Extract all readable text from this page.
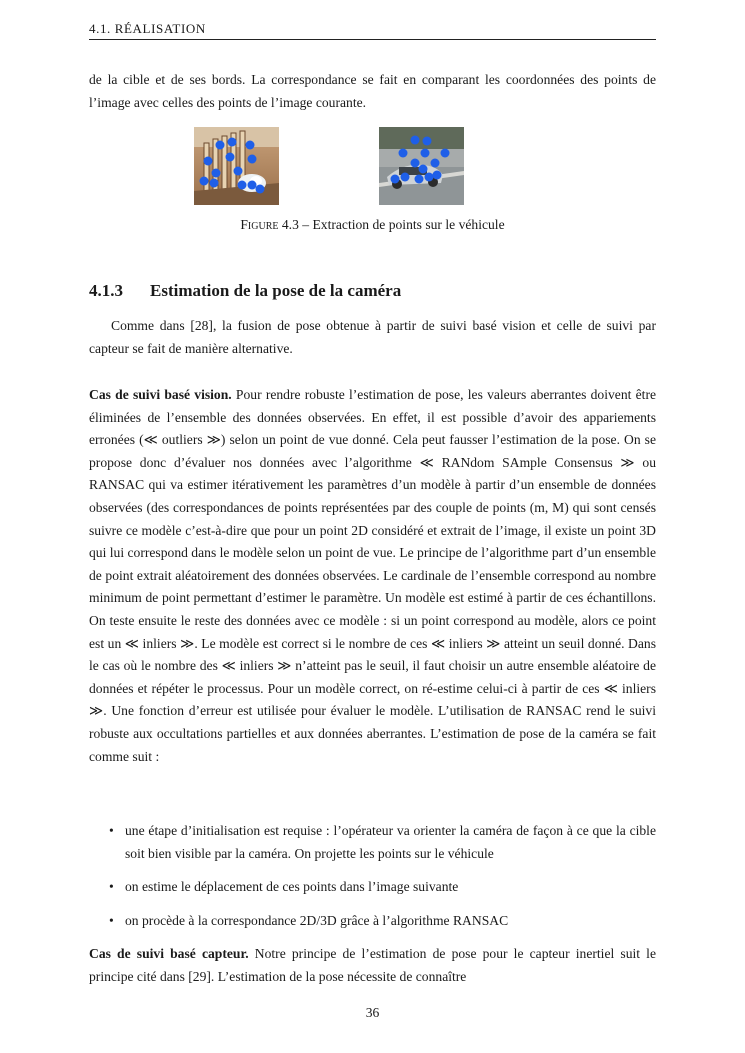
4.1. RÉALISATION

de la cible et de ses bords. La correspondance se fait en comparant les coordonnées des points de l’image avec celles des points de l’image courante.

Figure 4.3 – Extraction de points sur le véhicule
4.1.3 Estimation de la pose de la caméra

Comme dans [28], la fusion de pose obtenue à partir de suivi basé vision et celle de suivi par capteur se fait de manière alternative.

Cas de suivi basé vision. Pour rendre robuste l’estimation de pose, les valeurs aberrantes doivent être éliminées de l’ensemble des données observées. En effet, il est possible d’avoir des appariements erronées (≪ outliers ≫) selon un point de vue donné. Cela peut fausser l’estimation de la pose. On se propose donc d’évaluer nos données avec l’algorithme ≪ RANdom SAmple Consensus ≫ ou RANSAC qui va estimer itérativement les paramètres d’un modèle à partir d’un ensemble de données observées (des correspondances de points représentées par des couple de points (m, M) qui sont censés suivre ce modèle c’est-à-dire que pour un point 2D considéré et extrait de l’image, il existe un point 3D qui lui correspond dans le modèle selon un point de vue. Le principe de l’algorithme part d’un ensemble de point extrait aléatoirement des données observées. Le cardinale de l’ensemble correspond au nombre minimum de point permettant d’estimer le paramètre. Un modèle est estimé à partir de ces échantillons. On teste ensuite le reste des données avec ce modèle : si un point correspond au modèle, alors ce point est un ≪ inliers ≫. Le modèle est correct si le nombre de ces ≪ inliers ≫ atteint un seuil donné. Dans le cas où le nombre des ≪ inliers ≫ n’atteint pas le seuil, il faut choisir un autre ensemble aléatoire de données et répéter le processus. Pour un modèle correct, on ré-estime celui-ci à partir de ces ≪ inliers ≫. Une fonction d’erreur est utilisée pour évaluer le modèle. L’utilisation de RANSAC rend le suivi robuste aux occultations partielles et aux données aberrantes. L’estimation de pose de la caméra se fait comme suit :

• une étape d’initialisation est requise : l’opérateur va orienter la caméra de façon à ce que la cible soit bien visible par la caméra. On projette les points sur le véhicule
• on estime le déplacement de ces points dans l’image suivante
• on procède à la correspondance 2D/3D grâce à l’algorithme RANSAC

Cas de suivi basé capteur. Notre principe de l’estimation de pose pour le capteur inertiel suit le principe cité dans [29]. L’estimation de la pose nécessite de connaître

36
